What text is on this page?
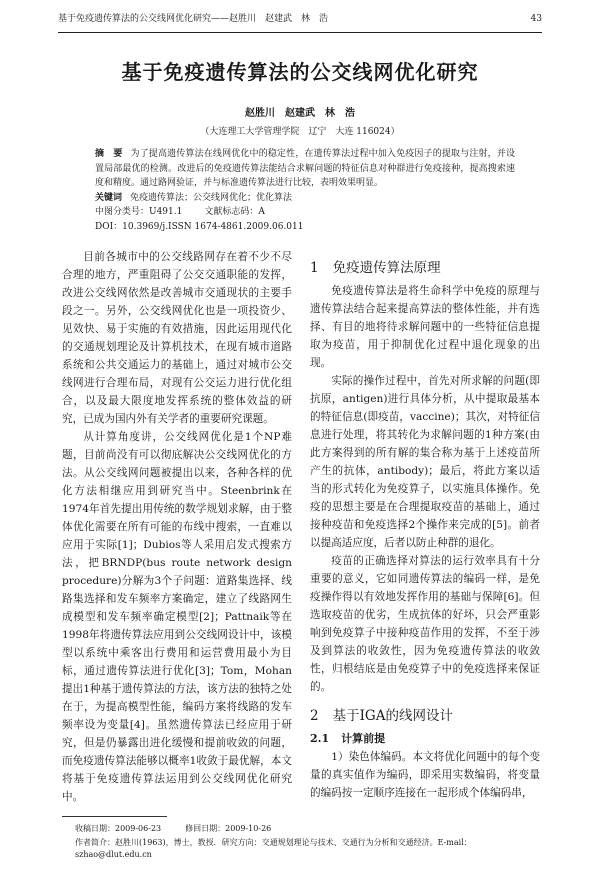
基于免疫遗传算法的公交线网优化研究——赵胜川　赵建武　林　浩	43
基于免疫遗传算法的公交线网优化研究
赵胜川　赵建武　林　浩
（大连理工大学管理学院　辽宁　大连 116024）
摘　要 为了提高遗传算法在线网优化中的稳定性，在遗传算法过程中加入免疫因子的提取与注射，并设置局部最优的检测。改进后的免疫遗传算法能结合求解问题的特征信息对种群进行免疫接种，提高搜索速度和精度。通过路网验证，并与标准遗传算法进行比较，表明效果明显。
关键词 免疫遗传算法；公交线网优化；优化算法
中图分类号：U491.1 文献标志码：ADOI：10.3969/j.ISSN 1674-4861.2009.06.011

目前各城市中的公交线路网存在着不少不尽合理的地方，严重阻碍了公交交通职能的发挥，改进公交线网依然是改善城市交通现状的主要手段之一。另外，公交线网优化也是一项投资少、见效快、易于实施的有效措施，因此运用现代化的交通规划理论及计算机技术，在现有城市道路系统和公共交通运力的基础上，通过对城市公交线网进行合理布局，对现有公交运力进行优化组合，以及最大限度地发挥系统的整体效益的研究，已成为国内外有关学者的重要研究课题。

从计算角度讲，公交线网优化是1个NP难题，目前尚没有可以彻底解决公交线网优化的方法。从公交线网问题被提出以来，各种各样的优化方法相继应用到研究当中。Steenbrink在1974年首先提出用传统的数学规划求解，由于整体优化需要在所有可能的布线中搜索，一直难以应用于实际[1]；Dubios等人采用启发式搜索方法，把BRNDP(bus route network design procedure)分解为3个子问题：道路集选择、线路集选择和发车频率方案确定，建立了线路网生成模型和发车频率确定模型[2]；Pattnaik等在1998年将遗传算法应用到公交线网设计中，该模型以系统中乘客出行费用和运营费用最小为目标，通过遗传算法进行优化[3]；Tom，Mohan提出1种基于遗传算法的方法，该方法的独特之处在于，为提高模型性能，编码方案将线路的发车频率设为变量[4]。虽然遗传算法已经应用于研究，但是仍暴露出进化缓慢和提前收敛的问题，而免疫遗传算法能够以概率1收敛于最优解，本文将基于免疫遗传算法运用到公交线网优化研究中。

1 免疫遗传算法原理

免疫遗传算法是将生命科学中免疫的原理与遗传算法结合起来提高算法的整体性能，并有选择、有目的地将待求解问题中的一些特征信息提取为疫苗，用于抑制优化过程中退化现象的出现。

实际的操作过程中，首先对所求解的问题(即抗原，antigen)进行具体分析，从中提取最基本的特征信息(即疫苗，vaccine)；其次，对特征信息进行处理，将其转化为求解问题的1种方案(由此方案得到的所有解的集合称为基于上述疫苗所产生的抗体，antibody)；最后，将此方案以适当的形式转化为免疫算子，以实施具体操作。免疫的思想主要是在合理提取疫苗的基础上，通过接种疫苗和免疫选择2个操作来完成的[5]。前者以提高适应度，后者以防止种群的退化。

疫苗的正确选择对算法的运行效率具有十分重要的意义，它如同遗传算法的编码一样，是免疫操作得以有效地发挥作用的基础与保障[6]。但选取疫苗的优劣，生成抗体的好坏，只会严重影响到免疫算子中接种疫苗作用的发挥，不至于涉及到算法的收敛性，因为免疫遗传算法的收敛性，归根结底是由免疫算子中的免疫选择来保证的。

2 基于IGA的线网设计
2.1 计算前提

1）染色体编码。本文将优化问题中的每个变量的真实值作为编码，即采用实数编码，将变量的编码按一定顺序连接在一起形成个体编码串，

收稿日期：2009-06-23	修回日期：2009-10-26
作者简介：赵胜川(1963)，博士，教授．研究方向：交通规划理论与技术、交通行为分析和交通经济。E-mail：szhao@dlut.edu.cn
